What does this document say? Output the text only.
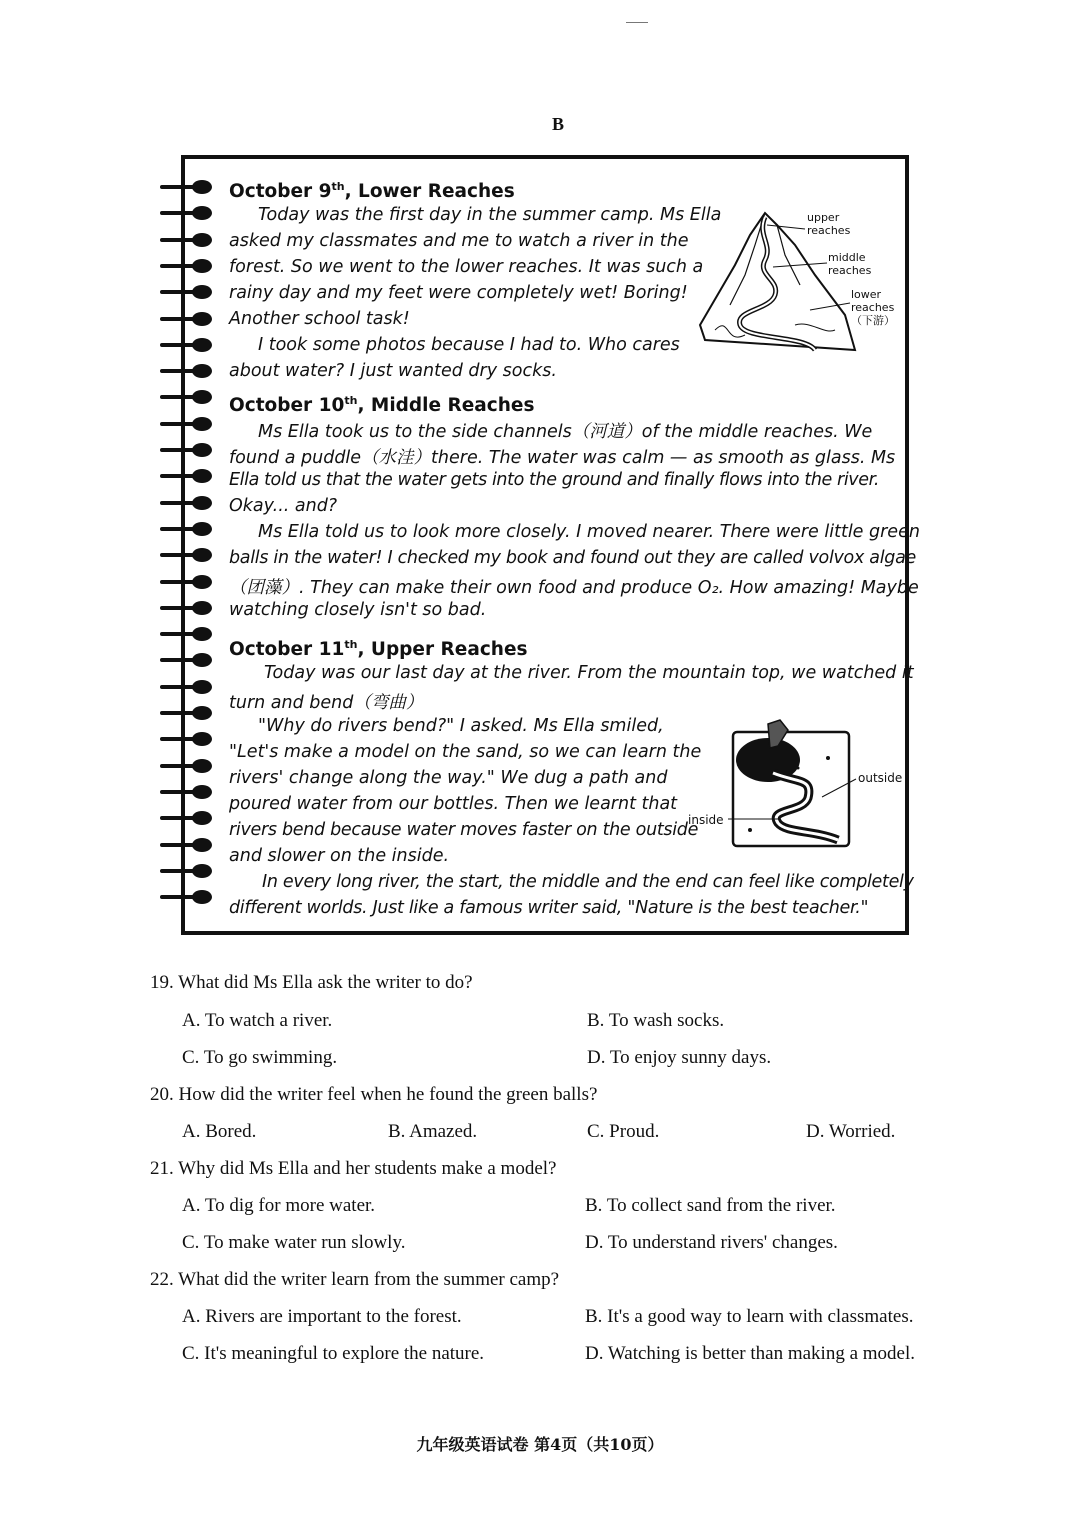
B
October 9th, Lower Reaches
Today was the first day in the summer camp. Ms Ella
asked my classmates and me to watch a river in the
forest. So we went to the lower reaches. It was such a
rainy day and my feet were completely wet! Boring!
Another school task!
I took some photos because I had to. Who cares
about water? I just wanted dry socks.
upper
reaches
middle
reaches
lower
reaches
（下游）
October 10th, Middle Reaches
Ms Ella took us to the side channels（河道）of the middle reaches. We
found a puddle（水洼）there. The water was calm — as smooth as glass. Ms
Ella told us that the water gets into the ground and finally flows into the river.
Okay... and?
Ms Ella told us to look more closely. I moved nearer. There were little green
balls in the water! I checked my book and found out they are called volvox algae
（团藻）. They can make their own food and produce O₂. How amazing! Maybe
watching closely isn't so bad.
October 11th, Upper Reaches
Today was our last day at the river. From the mountain top, we watched it
turn and bend（弯曲）
"Why do rivers bend?" I asked. Ms Ella smiled,
"Let's make a model on the sand, so we can learn the
rivers' change along the way." We dug a path and
poured water from our bottles. Then we learnt that
rivers bend because water moves faster on the outside
and slower on the inside.
In every long river, the start, the middle and the end can feel like completely
different worlds. Just like a famous writer said, "Nature is the best teacher."
outside
inside
19. What did Ms Ella ask the writer to do?
A. To watch a river.	B. To wash socks.
C. To go swimming.	D. To enjoy sunny days.
20. How did the writer feel when he found the green balls?
A. Bored.	B. Amazed.	C. Proud.	D. Worried.
21. Why did Ms Ella and her students make a model?
A. To dig for more water.	B. To collect sand from the river.
C. To make water run slowly.	D. To understand rivers' changes.
22. What did the writer learn from the summer camp?
A. Rivers are important to the forest.	B. It's a good way to learn with classmates.
C. It's meaningful to explore the nature.	D. Watching is better than making a model.
九年级英语试卷 第4页（共10页）
